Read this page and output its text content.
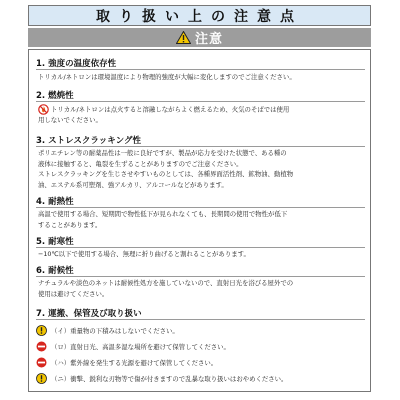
取り扱い上の注意点
注意
1. 強度の温度依存性
トリカル/ネトロンは環境温度により物理的強度が大幅に変化しますのでご注意ください。
2. 燃焼性
トリカル/ネトロンは点火すると溶融しながらよく燃えるため、火気のそばでは使用
用しないでください。
3. ストレスクラッキング性
ポリエチレン等の耐薬品性は一般に良好ですが、製品が応力を受けた状態で、ある種の
液体に接触すると、亀裂を生ずることがありますのでご注意ください。
ストレスクラッキングを生じさせやすいものとしては、各種界面活性剤、鉱物油、動植物
油、エステル系可塑剤、強アルカリ、アルコールなどがあります。
4. 耐熱性
高温で使用する場合、短期間で物性低下が見られなくても、長期間の使用で物性が低下
することがあります。
5. 耐寒性
−10℃以下で使用する場合、無理に折り曲げると割れることがあります。
6. 耐候性
ナチュラルや淡色のネットは耐候性処方を施していないので、直射日光を浴びる屋外での
使用は避けてください。
7. 運搬、保管及び取り扱い
（イ）重量物の下積みはしないでください。
（ロ）直射日光、高温多湿な場所を避けて保管してください。
（ハ）紫外線を発生する光源を避けて保管してください。
（ニ）衝撃、鋭利な刃物等で傷が付きますので乱暴な取り扱いはおやめください。
